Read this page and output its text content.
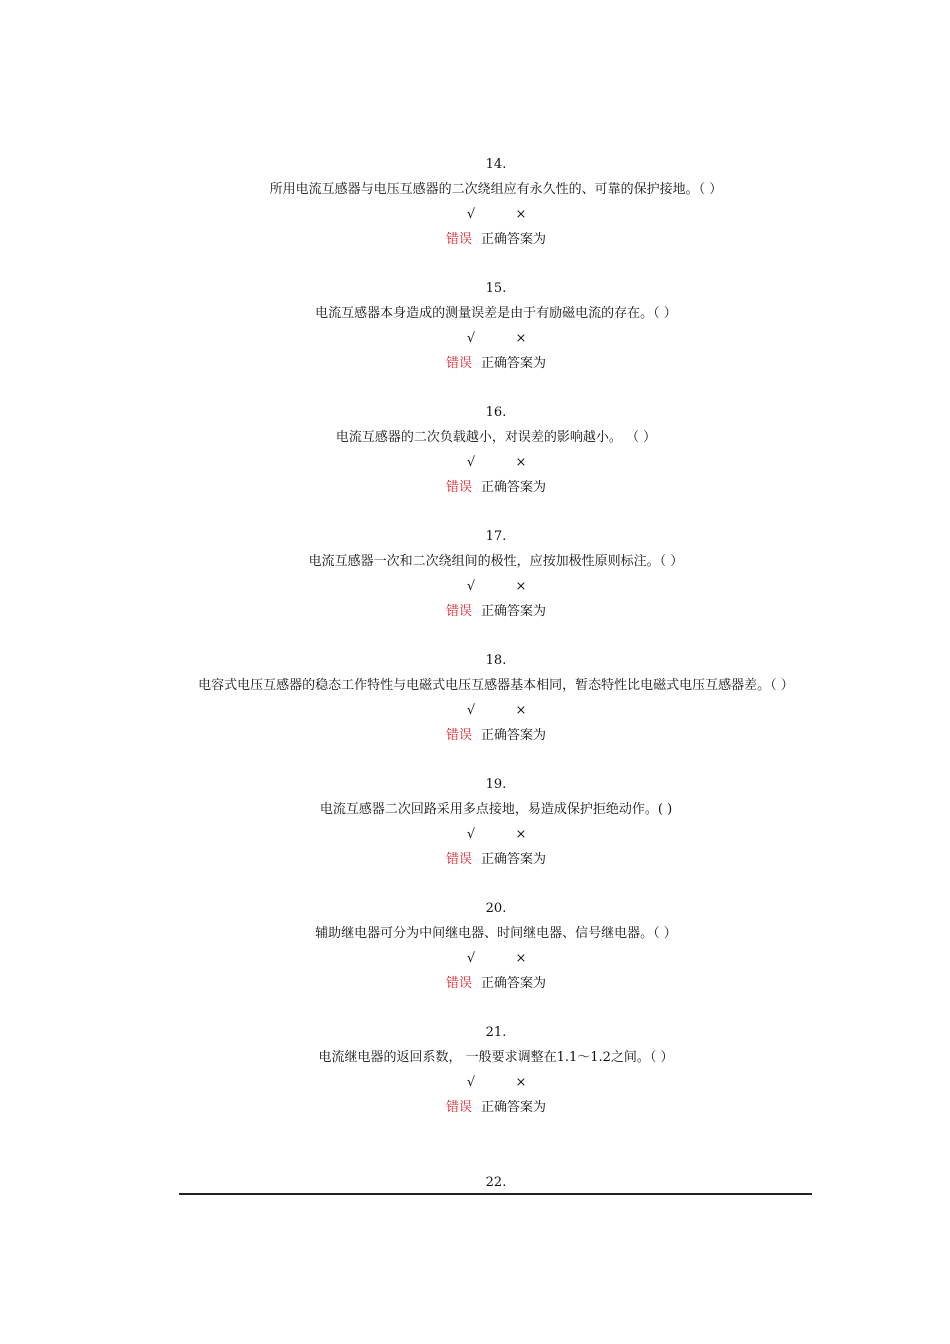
14.
所用电流互感器与电压互感器的二次绕组应有永久性的、可靠的保护接地。（ ）
√	×
错误 正确答案为
15.
电流互感器本身造成的测量误差是由于有励磁电流的存在。（ ）
√	×
错误 正确答案为
16.
电流互感器的二次负载越小，对误差的影响越小。 （ ）
√	×
错误 正确答案为
17.
电流互感器一次和二次绕组间的极性，应按加极性原则标注。（ ）
√	×
错误 正确答案为
18.
电容式电压互感器的稳态工作特性与电磁式电压互感器基本相同，暂态特性比电磁式电压互感器差。（ ）
√	×
错误 正确答案为
19.
电流互感器二次回路采用多点接地，易造成保护拒绝动作。( )
√	×
错误 正确答案为
20.
辅助继电器可分为中间继电器、时间继电器、信号继电器。（ ）
√	×
错误 正确答案为
21.
电流继电器的返回系数， 一般要求调整在1.1～1.2之间。（ ）
√	×
错误 正确答案为
22.
